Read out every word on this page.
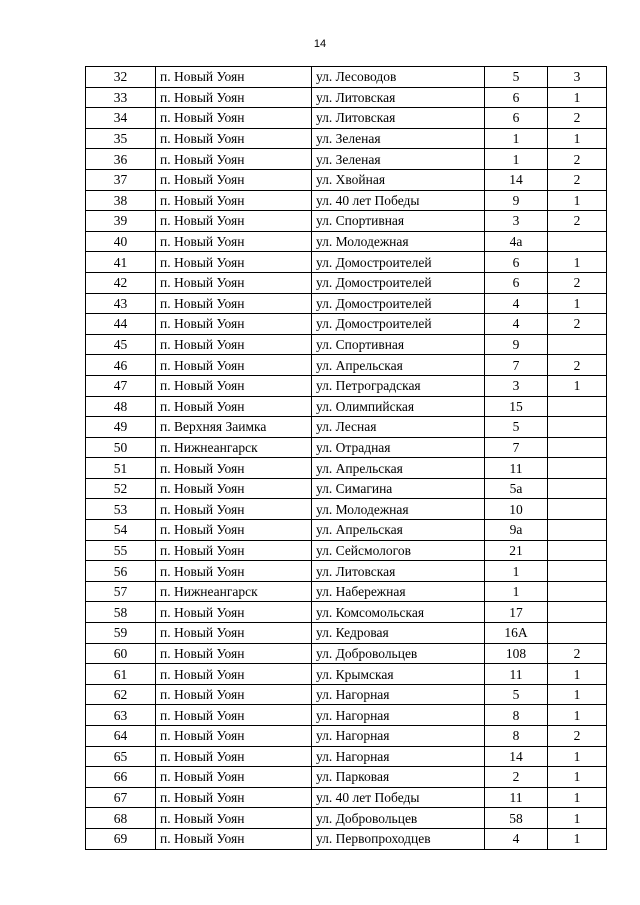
14
32	п. Новый Уоян	ул. Лесоводов	5	3
33	п. Новый Уоян	ул. Литовская	6	1
34	п. Новый Уоян	ул. Литовская	6	2
35	п. Новый Уоян	ул. Зеленая	1	1
36	п. Новый Уоян	ул. Зеленая	1	2
37	п. Новый Уоян	ул. Хвойная	14	2
38	п. Новый Уоян	ул. 40 лет Победы	9	1
39	п. Новый Уоян	ул. Спортивная	3	2
40	п. Новый Уоян	ул. Молодежная	4а	
41	п. Новый Уоян	ул. Домостроителей	6	1
42	п. Новый Уоян	ул. Домостроителей	6	2
43	п. Новый Уоян	ул. Домостроителей	4	1
44	п. Новый Уоян	ул. Домостроителей	4	2
45	п. Новый Уоян	ул. Спортивная	9	
46	п. Новый Уоян	ул. Апрельская	7	2
47	п. Новый Уоян	ул. Петроградская	3	1
48	п. Новый Уоян	ул. Олимпийская	15	
49	п. Верхняя Заимка	ул. Лесная	5	
50	п. Нижнеангарск	ул. Отрадная	7	
51	п. Новый Уоян	ул. Апрельская	11	
52	п. Новый Уоян	ул. Симагина	5а	
53	п. Новый Уоян	ул. Молодежная	10	
54	п. Новый Уоян	ул. Апрельская	9а	
55	п. Новый Уоян	ул. Сейсмологов	21	
56	п. Новый Уоян	ул. Литовская	1	
57	п. Нижнеангарск	ул. Набережная	1	
58	п. Новый Уоян	ул. Комсомольская	17	
59	п. Новый Уоян	ул. Кедровая	16А	
60	п. Новый Уоян	ул. Добровольцев	108	2
61	п. Новый Уоян	ул. Крымская	11	1
62	п. Новый Уоян	ул. Нагорная	5	1
63	п. Новый Уоян	ул. Нагорная	8	1
64	п. Новый Уоян	ул. Нагорная	8	2
65	п. Новый Уоян	ул. Нагорная	14	1
66	п. Новый Уоян	ул. Парковая	2	1
67	п. Новый Уоян	ул. 40 лет Победы	11	1
68	п. Новый Уоян	ул. Добровольцев	58	1
69	п. Новый Уоян	ул. Первопроходцев	4	1
